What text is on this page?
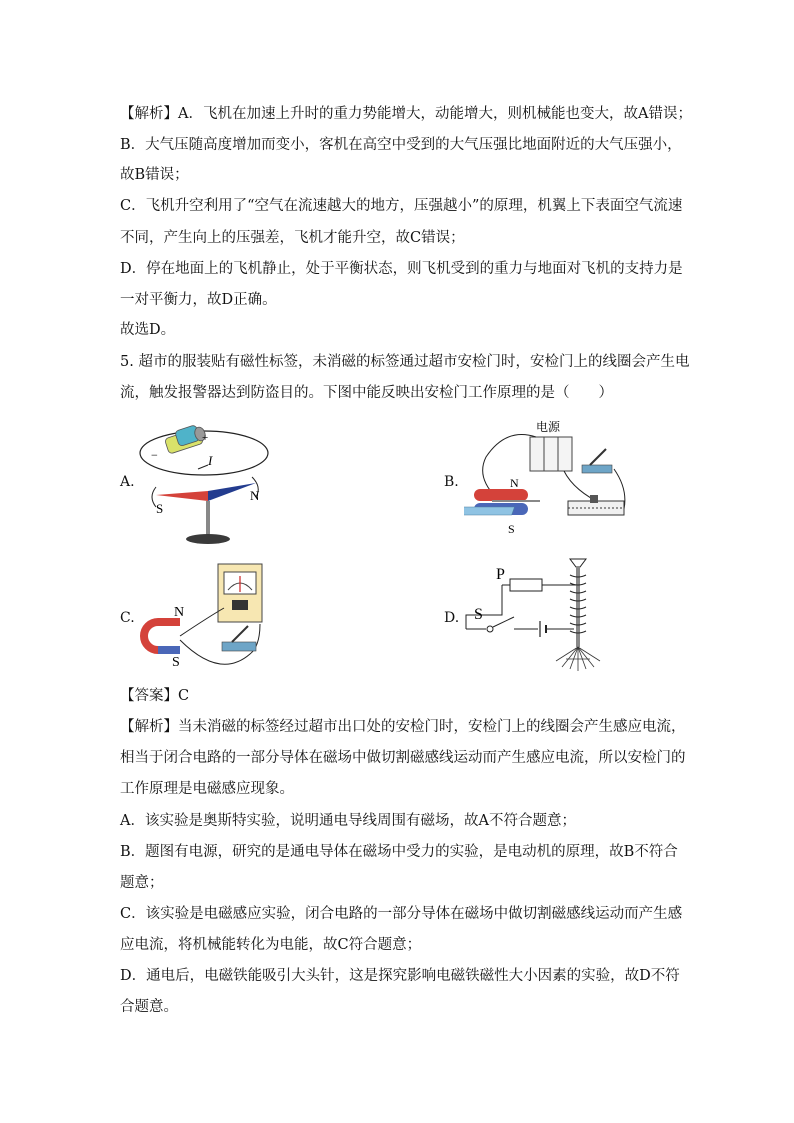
【解析】A．飞机在加速上升时的重力势能增大，动能增大，则机械能也变大，故A错误；
B．大气压随高度增加而变小，客机在高空中受到的大气压强比地面附近的大气压强小，
故B错误；
C．飞机升空利用了“空气在流速越大的地方，压强越小”的原理，机翼上下表面空气流速
不同，产生向上的压强差，飞机才能升空，故C错误；
D．停在地面上的飞机静止，处于平衡状态，则飞机受到的重力与地面对飞机的支持力是
一对平衡力，故D正确。
故选D。
5. 超市的服装贴有磁性标签，未消磁的标签通过超市安检门时，安检门上的线圈会产生电
流，触发报警器达到防盗目的。下图中能反映出安检门工作原理的是（　　）
A.
−
+
I
S
N
B.
电源
N
S
C.	N
S
D.
P
S
【答案】C
【解析】当未消磁的标签经过超市出口处的安检门时，安检门上的线圈会产生感应电流，
相当于闭合电路的一部分导体在磁场中做切割磁感线运动而产生感应电流，所以安检门的
工作原理是电磁感应现象。
A．该实验是奥斯特实验，说明通电导线周围有磁场，故A不符合题意；
B．题图有电源，研究的是通电导体在磁场中受力的实验，是电动机的原理，故B不符合
题意；
C．该实验是电磁感应实验，闭合电路的一部分导体在磁场中做切割磁感线运动而产生感
应电流，将机械能转化为电能，故C符合题意；
D．通电后，电磁铁能吸引大头针，这是探究影响电磁铁磁性大小因素的实验，故D不符
合题意。
